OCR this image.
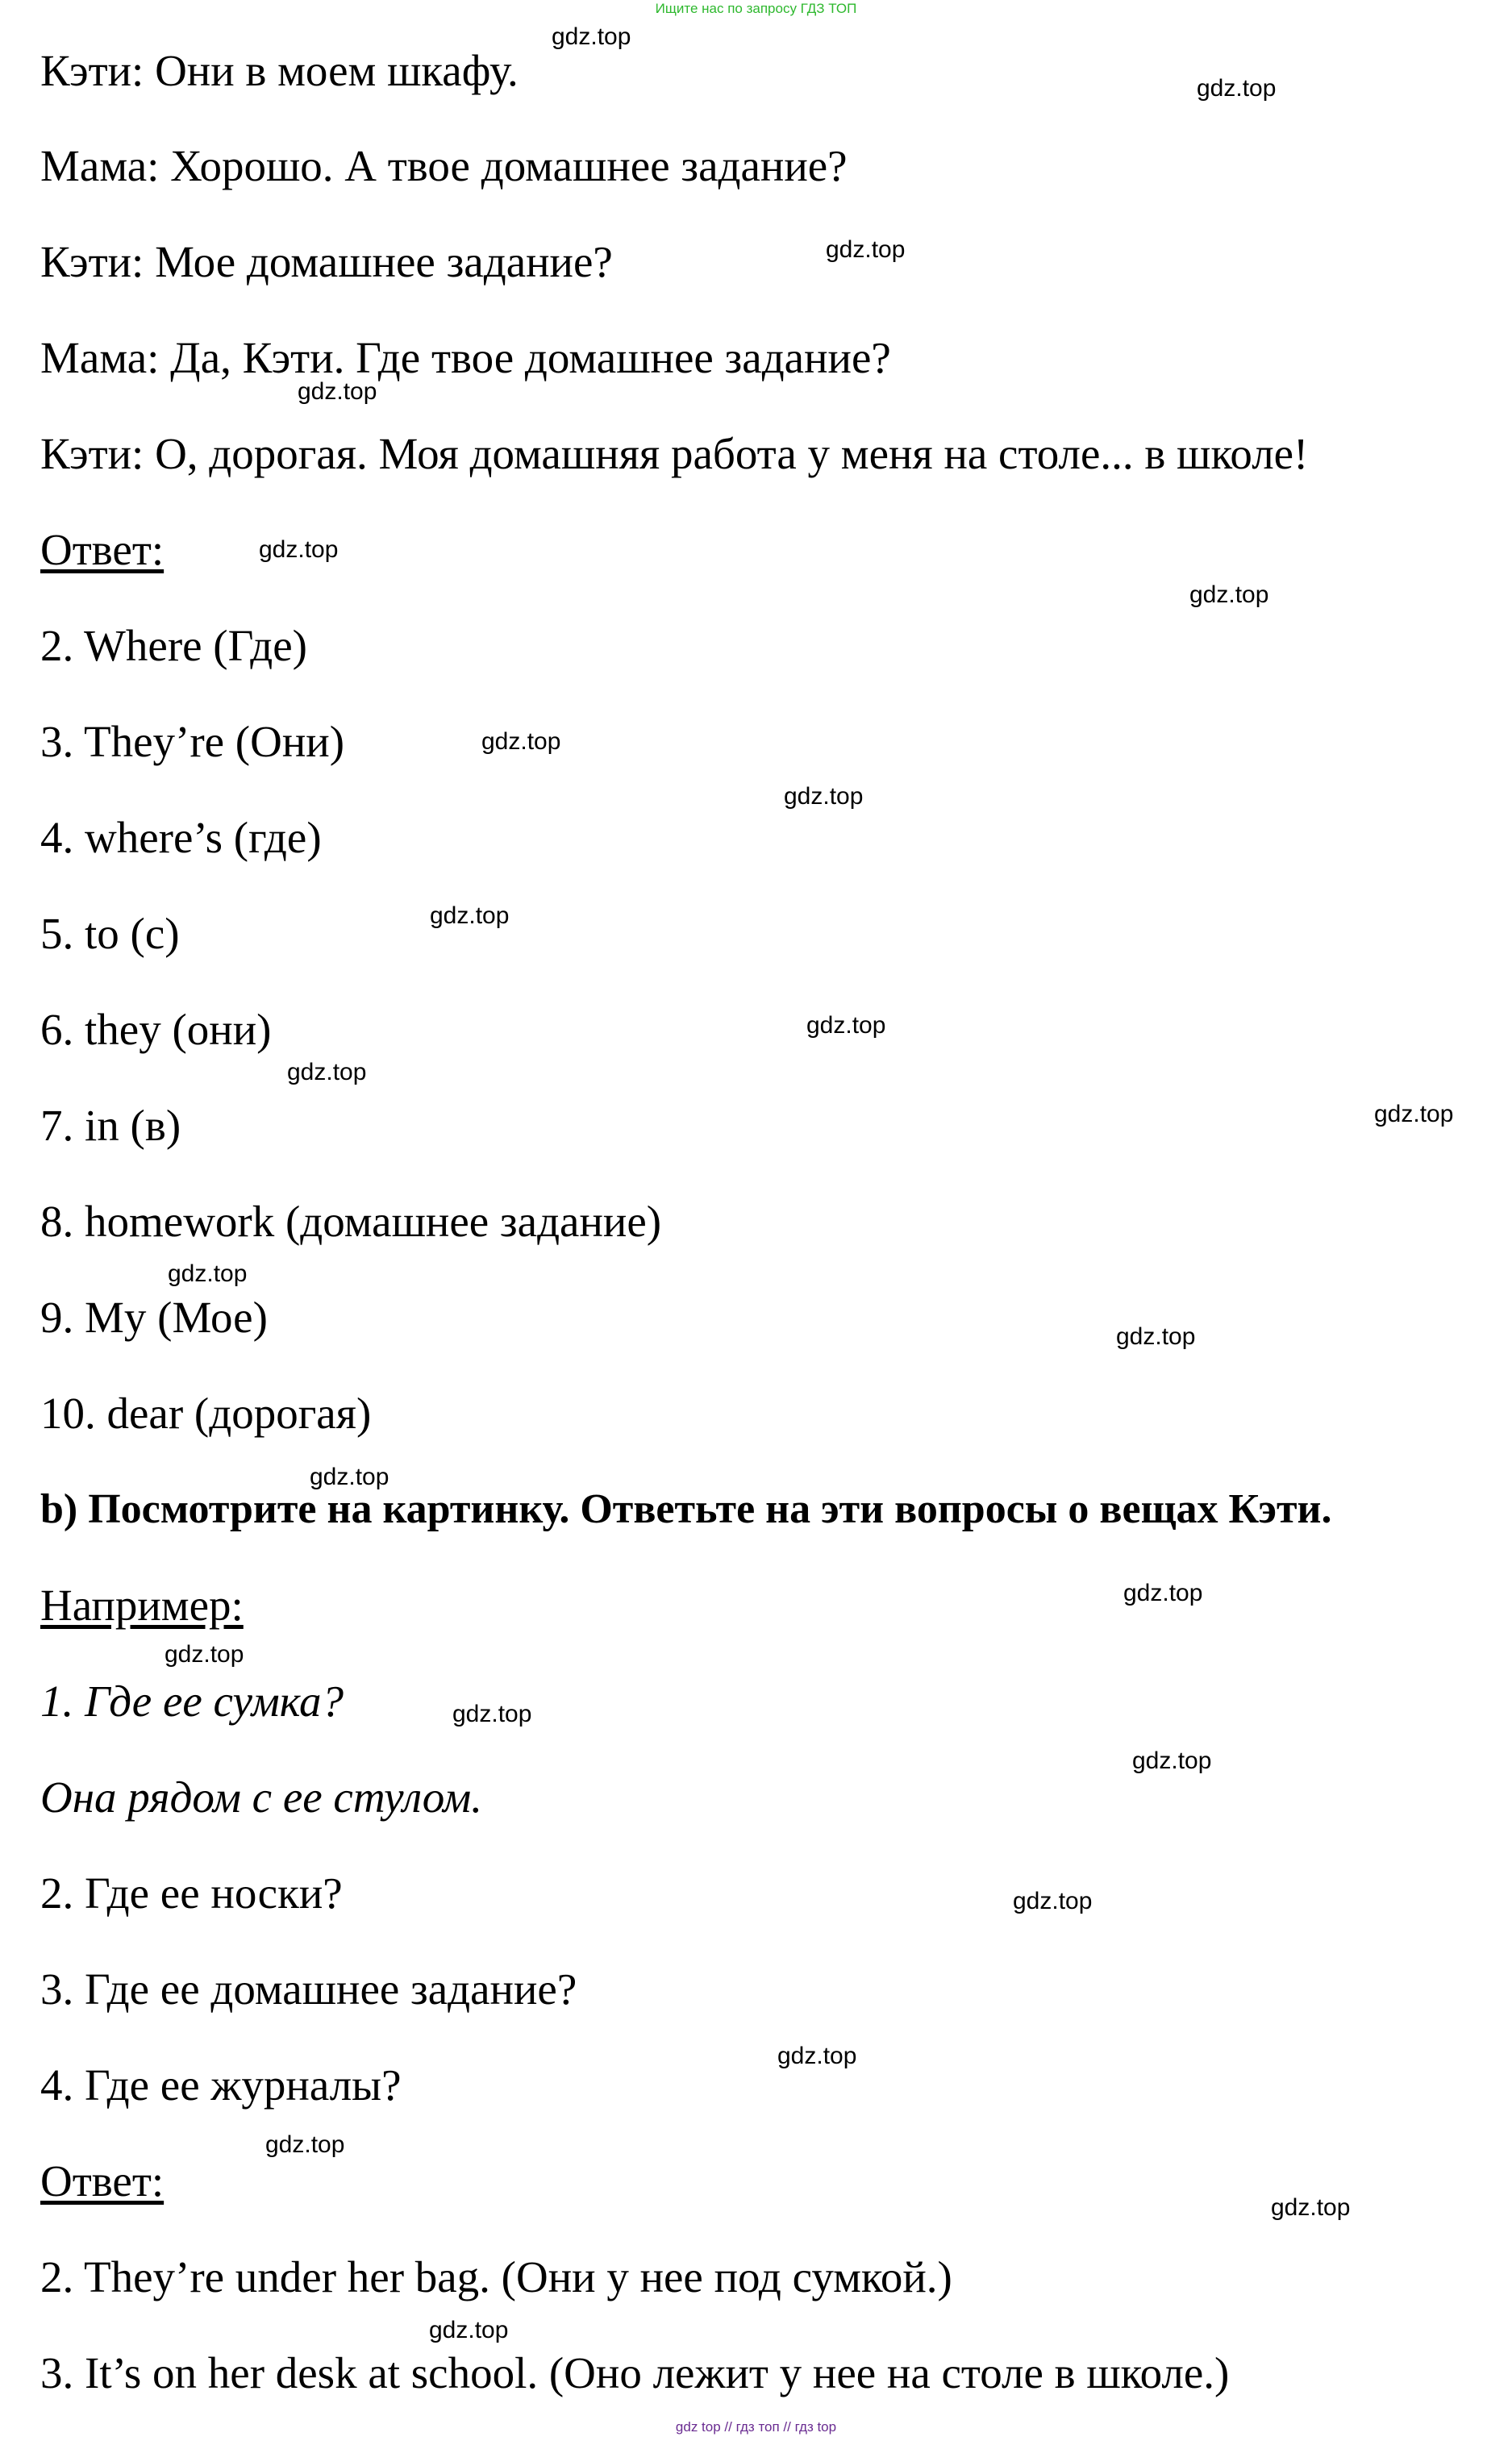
Ищите нас по запросу ГДЗ ТОП

Кэти: Они в моем шкафу.

Мама: Хорошо. А твое домашнее задание?

Кэти: Мое домашнее задание?

Мама: Да, Кэти. Где твое домашнее задание?

Кэти: О, дорогая. Моя домашняя работа у меня на столе... в школе!

Ответ:

2. Where (Где)

3. They’re (Они)

4. where’s (где)

5. to (с)

6. they (они)

7. in (в)

8. homework (домашнее задание)

9. My (Мое)

10. dear (дорогая)

b) Посмотрите на картинку. Ответьте на эти вопросы о вещах Кэти.

Например:

1. Где ее сумка?

Она рядом с ее стулом.

2. Где ее носки?

3. Где ее домашнее задание?

4. Где ее журналы?

Ответ:

2. They’re under her bag. (Они у нее под сумкой.)

3. It’s on her desk at school. (Оно лежит у нее на столе в школе.)

gdz.top
gdz.top
gdz.top
gdz.top
gdz.top
gdz.top
gdz.top
gdz.top
gdz.top
gdz.top
gdz.top
gdz.top
gdz.top
gdz.top
gdz.top
gdz.top
gdz.top
gdz.top
gdz.top
gdz.top
gdz.top
gdz.top
gdz.top
gdz.top
gdz top // гдз топ // гдз top
